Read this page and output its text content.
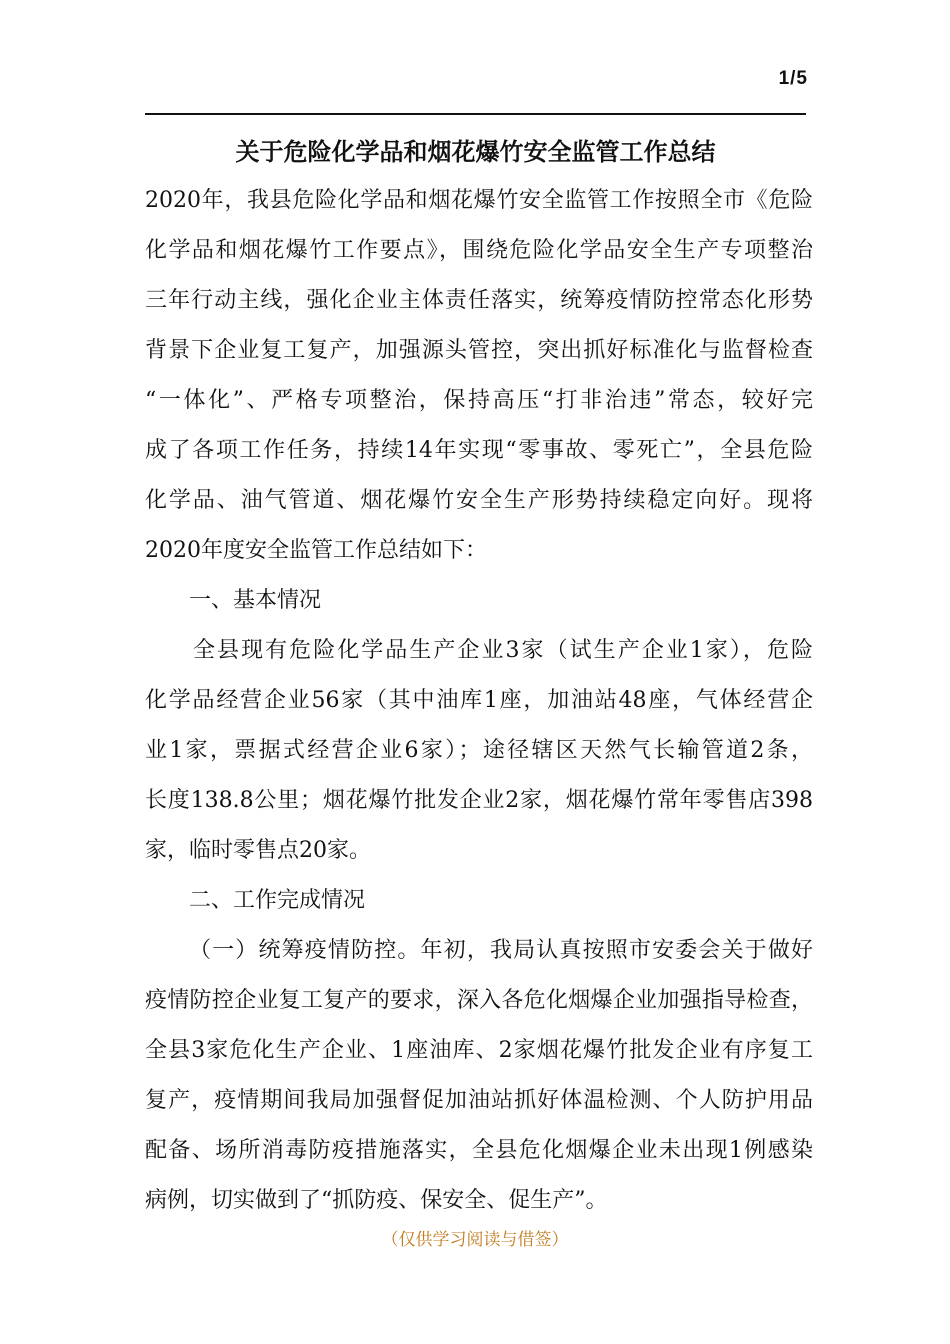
1/5
关于危险化学品和烟花爆竹安全监管工作总结
2020年，我县危险化学品和烟花爆竹安全监管工作按照全市《危险
化学品和烟花爆竹工作要点》，围绕危险化学品安全生产专项整治
三年行动主线，强化企业主体责任落实，统筹疫情防控常态化形势
背景下企业复工复产，加强源头管控，突出抓好标准化与监督检查
“一体化”、严格专项整治，保持高压“打非治违”常态，较好完
成了各项工作任务，持续14年实现“零事故、零死亡”，全县危险
化学品、油气管道、烟花爆竹安全生产形势持续稳定向好。现将
2020年度安全监管工作总结如下：
一、基本情况
全县现有危险化学品生产企业3家（试生产企业1家），危险
化学品经营企业56家（其中油库1座，加油站48座，气体经营企
业1家，票据式经营企业6家）；途径辖区天然气长输管道2条，
长度138.8公里；烟花爆竹批发企业2家，烟花爆竹常年零售店398
家，临时零售点20家。
二、工作完成情况
（一）统筹疫情防控。年初，我局认真按照市安委会关于做好
疫情防控企业复工复产的要求，深入各危化烟爆企业加强指导检查，
全县3家危化生产企业、1座油库、2家烟花爆竹批发企业有序复工
复产，疫情期间我局加强督促加油站抓好体温检测、个人防护用品
配备、场所消毒防疫措施落实，全县危化烟爆企业未出现1例感染
病例，切实做到了“抓防疫、保安全、促生产”。
（仅供学习阅读与借签）
